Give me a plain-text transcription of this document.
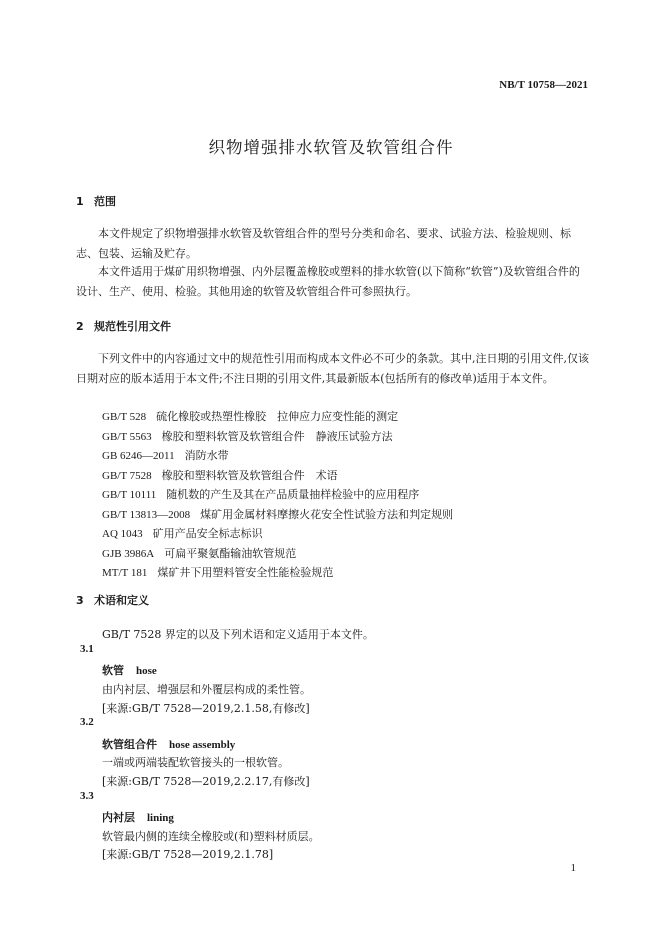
NB/T 10758—2021
织物增强排水软管及软管组合件
1 范围
本文件规定了织物增强排水软管及软管组合件的型号分类和命名、要求、试验方法、检验规则、标志、包装、运输及贮存。
本文件适用于煤矿用织物增强、内外层覆盖橡胶或塑料的排水软管(以下简称“软管”)及软管组合件的设计、生产、使用、检验。其他用途的软管及软管组合件可参照执行。
2 规范性引用文件
下列文件中的内容通过文中的规范性引用而构成本文件必不可少的条款。其中,注日期的引用文件,仅该日期对应的版本适用于本文件;不注日期的引用文件,其最新版本(包括所有的修改单)适用于本文件。
GB/T 528 硫化橡胶或热塑性橡胶　拉伸应力应变性能的测定
GB/T 5563 橡胶和塑料软管及软管组合件　静液压试验方法
GB 6246—2011 消防水带
GB/T 7528 橡胶和塑料软管及软管组合件　术语
GB/T 10111 随机数的产生及其在产品质量抽样检验中的应用程序
GB/T 13813—2008 煤矿用金属材料摩擦火花安全性试验方法和判定规则
AQ 1043 矿用产品安全标志标识
GJB 3986A 可扁平聚氨酯输油软管规范
MT/T 181 煤矿井下用塑料管安全性能检验规范
3 术语和定义
GB/T 7528 界定的以及下列术语和定义适用于本文件。
3.1
软管 hose
由内衬层、增强层和外覆层构成的柔性管。
[来源:GB/T 7528—2019,2.1.58,有修改]
3.2
软管组合件 hose assembly
一端或两端装配软管接头的一根软管。
[来源:GB/T 7528—2019,2.2.17,有修改]
3.3
内衬层 lining
软管最内侧的连续全橡胶或(和)塑料材质层。
[来源:GB/T 7528—2019,2.1.78]
1
